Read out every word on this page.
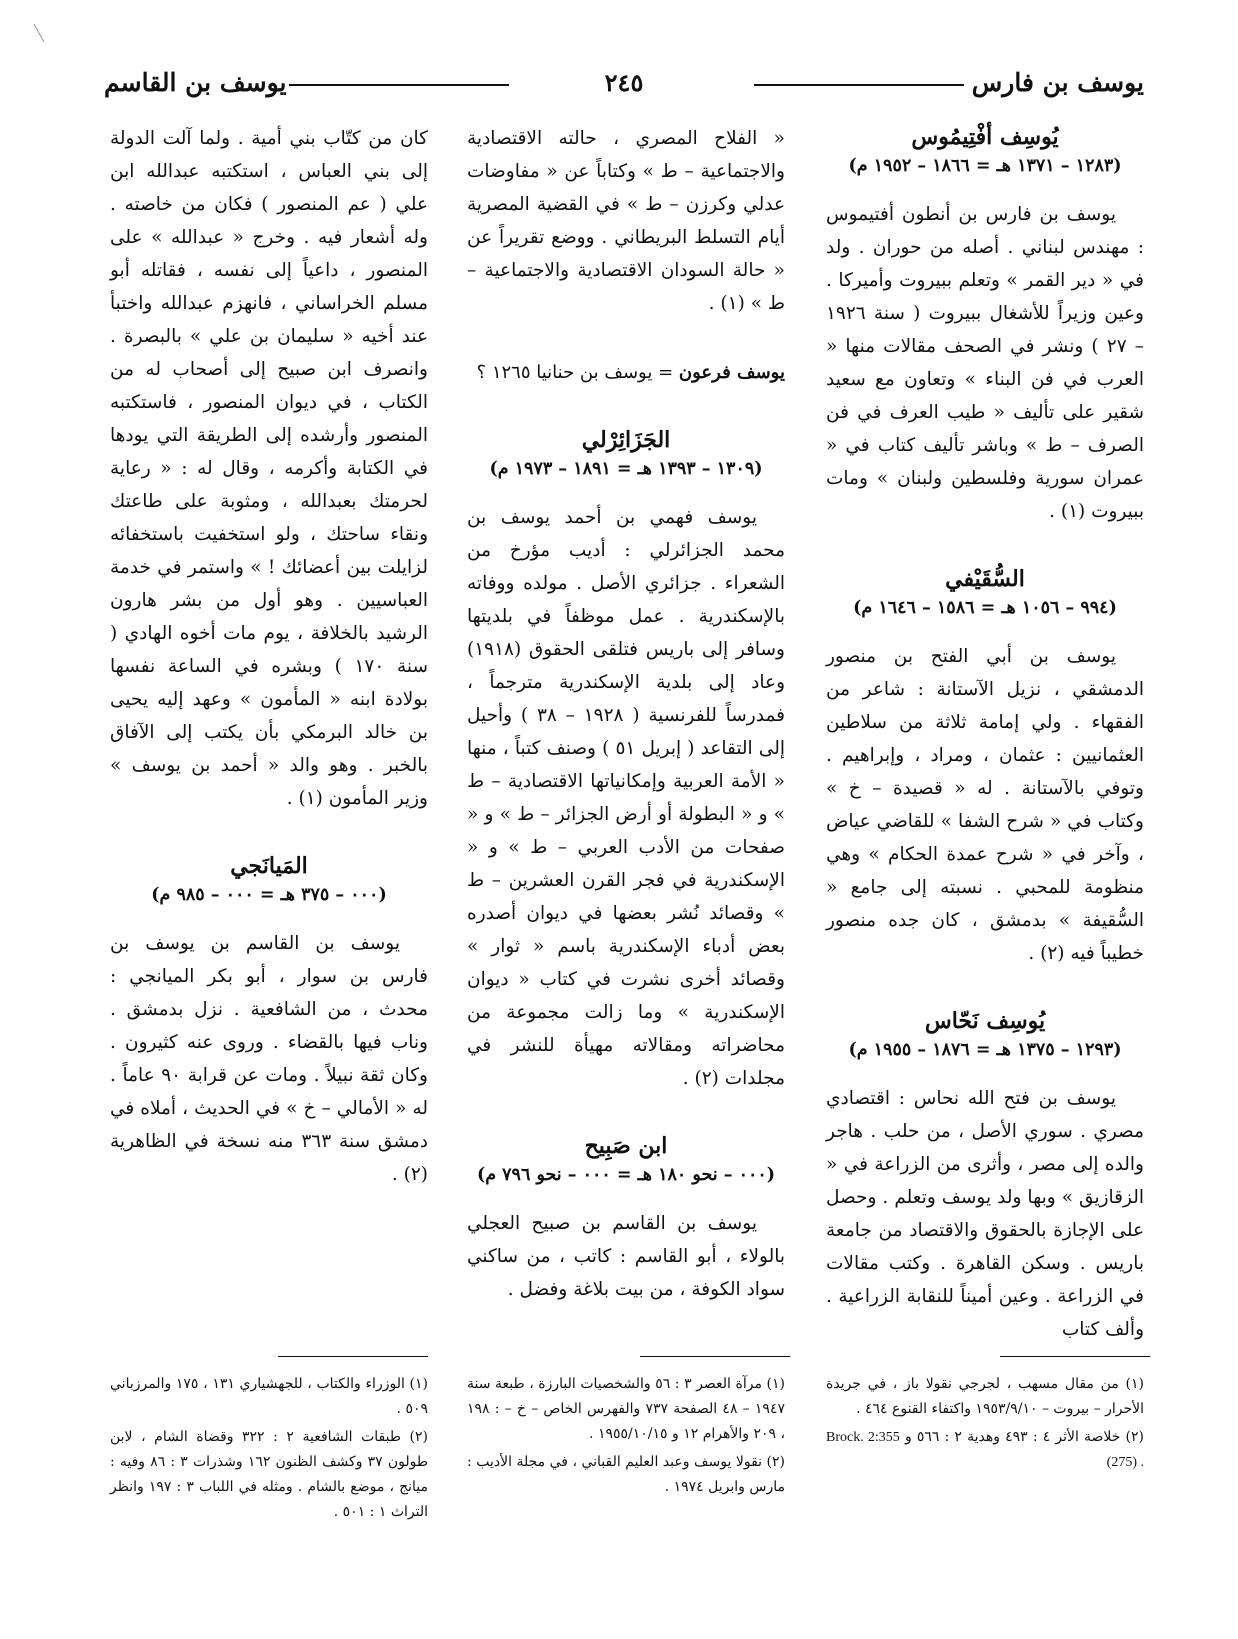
يوسف بن فارس
٢٤٥
يوسف بن القاسم

يُوسِف أفْتِيمُوس

(١٢٨٣ – ١٣٧١ هـ = ١٨٦٦ – ١٩٥٢ م)

يوسف بن فارس بن أنطون أفتيموس : مهندس لبناني . أصله من حوران . ولد في « دير القمر » وتعلم ببيروت وأميركا . وعين وزيراً للأشغال ببيروت ( سنة ١٩٢٦ – ٢٧ ) ونشر في الصحف مقالات منها « العرب في فن البناء » وتعاون مع سعيد شقير على تأليف « طيب العرف في فن الصرف – ط » وباشر تأليف كتاب في « عمران سورية وفلسطين ولبنان » ومات ببيروت (١) .

السُّقَيْفي

(٩٩٤ – ١٠٥٦ هـ = ١٥٨٦ – ١٦٤٦ م)

يوسف بن أبي الفتح بن منصور الدمشقي ، نزيل الآستانة : شاعر من الفقهاء . ولي إمامة ثلاثة من سلاطين العثمانيين : عثمان ، ومراد ، وإبراهيم . وتوفي بالآستانة . له « قصيدة – خ » وكتاب في « شرح الشفا » للقاضي عياض ، وآخر في « شرح عمدة الحكام » وهي منظومة للمحبي . نسبته إلى جامع « السُّقيفة » بدمشق ، كان جده منصور خطيباً فيه (٢) .

يُوسِف نَحّاس

(١٢٩٣ – ١٣٧٥ هـ = ١٨٧٦ – ١٩٥٥ م)

يوسف بن فتح الله نحاس : اقتصادي مصري . سوري الأصل ، من حلب . هاجر والده إلى مصر ، وأثرى من الزراعة في « الزقازيق » وبها ولد يوسف وتعلم . وحصل على الإجازة بالحقوق والاقتصاد من جامعة باريس . وسكن القاهرة . وكتب مقالات في الزراعة . وعين أميناً للنقابة الزراعية . وألف كتاب

« الفلاح المصري ، حالته الاقتصادية والاجتماعية – ط » وكتاباً عن « مفاوضات عدلي وكرزن – ط » في القضية المصرية أيام التسلط البريطاني . ووضع تقريراً عن « حالة السودان الاقتصادية والاجتماعية – ط » (١) .

يوسف فرعون = يوسف بن حنانيا ١٢٦٥ ؟

الجَزَائِرْلي

(١٣٠٩ – ١٣٩٣ هـ = ١٨٩١ – ١٩٧٣ م)

يوسف فهمي بن أحمد يوسف بن محمد الجزائرلي : أديب مؤرخ من الشعراء . جزائري الأصل . مولده ووفاته بالإسكندرية . عمل موظفاً في بلديتها وسافر إلى باريس فتلقى الحقوق (١٩١٨) وعاد إلى بلدية الإسكندرية مترجماً ، فمدرساً للفرنسية ( ١٩٢٨ – ٣٨ ) وأحيل إلى التقاعد ( إبريل ٥١ ) وصنف كتباً ، منها « الأمة العربية وإمكانياتها الاقتصادية – ط » و « البطولة أو أرض الجزائر – ط » و « صفحات من الأدب العربي – ط » و « الإسكندرية في فجر القرن العشرين – ط » وقصائد نُشر بعضها في ديوان أصدره بعض أدباء الإسكندرية باسم « ثوار » وقصائد أخرى نشرت في كتاب « ديوان الإسكندرية » وما زالت مجموعة من محاضراته ومقالاته مهيأة للنشر في مجلدات (٢) .

ابن صَبِيح

(٠٠٠ – نحو ١٨٠ هـ = ٠٠٠ – نحو ٧٩٦ م)

يوسف بن القاسم بن صبيح العجلي بالولاء ، أبو القاسم : كاتب ، من ساكني سواد الكوفة ، من بيت بلاغة وفضل .

كان من كتّاب بني أمية . ولما آلت الدولة إلى بني العباس ، استكتبه عبدالله ابن علي ( عم المنصور ) فكان من خاصته . وله أشعار فيه . وخرج « عبدالله » على المنصور ، داعياً إلى نفسه ، فقاتله أبو مسلم الخراساني ، فانهزم عبدالله واختبأ عند أخيه « سليمان بن علي » بالبصرة . وانصرف ابن صبيح إلى أصحاب له من الكتاب ، في ديوان المنصور ، فاستكتبه المنصور وأرشده إلى الطريقة التي يودها في الكتابة وأكرمه ، وقال له : « رعاية لحرمتك بعبدالله ، ومثوبة على طاعتك ونقاء ساحتك ، ولو استخفيت باستخفائه لزايلت بين أعضائك ! » واستمر في خدمة العباسيين . وهو أول من بشر هارون الرشيد بالخلافة ، يوم مات أخوه الهادي ( سنة ١٧٠ ) وبشره في الساعة نفسها بولادة ابنه « المأمون » وعهد إليه يحيى بن خالد البرمكي بأن يكتب إلى الآفاق بالخبر . وهو والد « أحمد بن يوسف » وزير المأمون (١) .

المَيانَجي

(٠٠٠ – ٣٧٥ هـ = ٠٠٠ – ٩٨٥ م)

يوسف بن القاسم بن يوسف بن فارس بن سوار ، أبو بكر الميانجي : محدث ، من الشافعية . نزل بدمشق . وناب فيها بالقضاء . وروى عنه كثيرون . وكان ثقة نبيلاً . ومات عن قرابة ٩٠ عاماً . له « الأمالي – خ » في الحديث ، أملاه في دمشق سنة ٣٦٣ منه نسخة في الظاهرية (٢) .

(١) من مقال مسهب ، لجرجي نقولا باز ، في جريدة الأحرار – بيروت – ١٩٥٣/٩/١٠ واكتفاء القنوع ٤٦٤ .

(٢) خلاصة الأثر ٤ : ٤٩٣ وهدية ٢ : ٥٦٦ و Brock. 2:355 (275) .

(١) مرآة العصر ٣ : ٥٦ والشخصيات البارزة ، طبعة سنة ١٩٤٧ – ٤٨ الصفحة ٧٣٧ والفهرس الخاص – خ – : ١٩٨ ، ٢٠٩ والأهرام ١٢ و ١٩٥٥/١٠/١٥ .

(٢) نقولا يوسف وعبد العليم القباني ، في مجلة الأديب : مارس وابريل ١٩٧٤ .

(١) الوزراء والكتاب ، للجهشياري ١٣١ ، ١٧٥ والمرزباني ٥٠٩ .

(٢) طبقات الشافعية ٢ : ٣٢٢ وقضاة الشام ، لابن طولون ٣٧ وكشف الظنون ١٦٢ وشذرات ٣ : ٨٦ وفيه : ميانج ، موضع بالشام . ومثله في اللباب ٣ : ١٩٧ وانظر التراث ١ : ٥٠١ .
